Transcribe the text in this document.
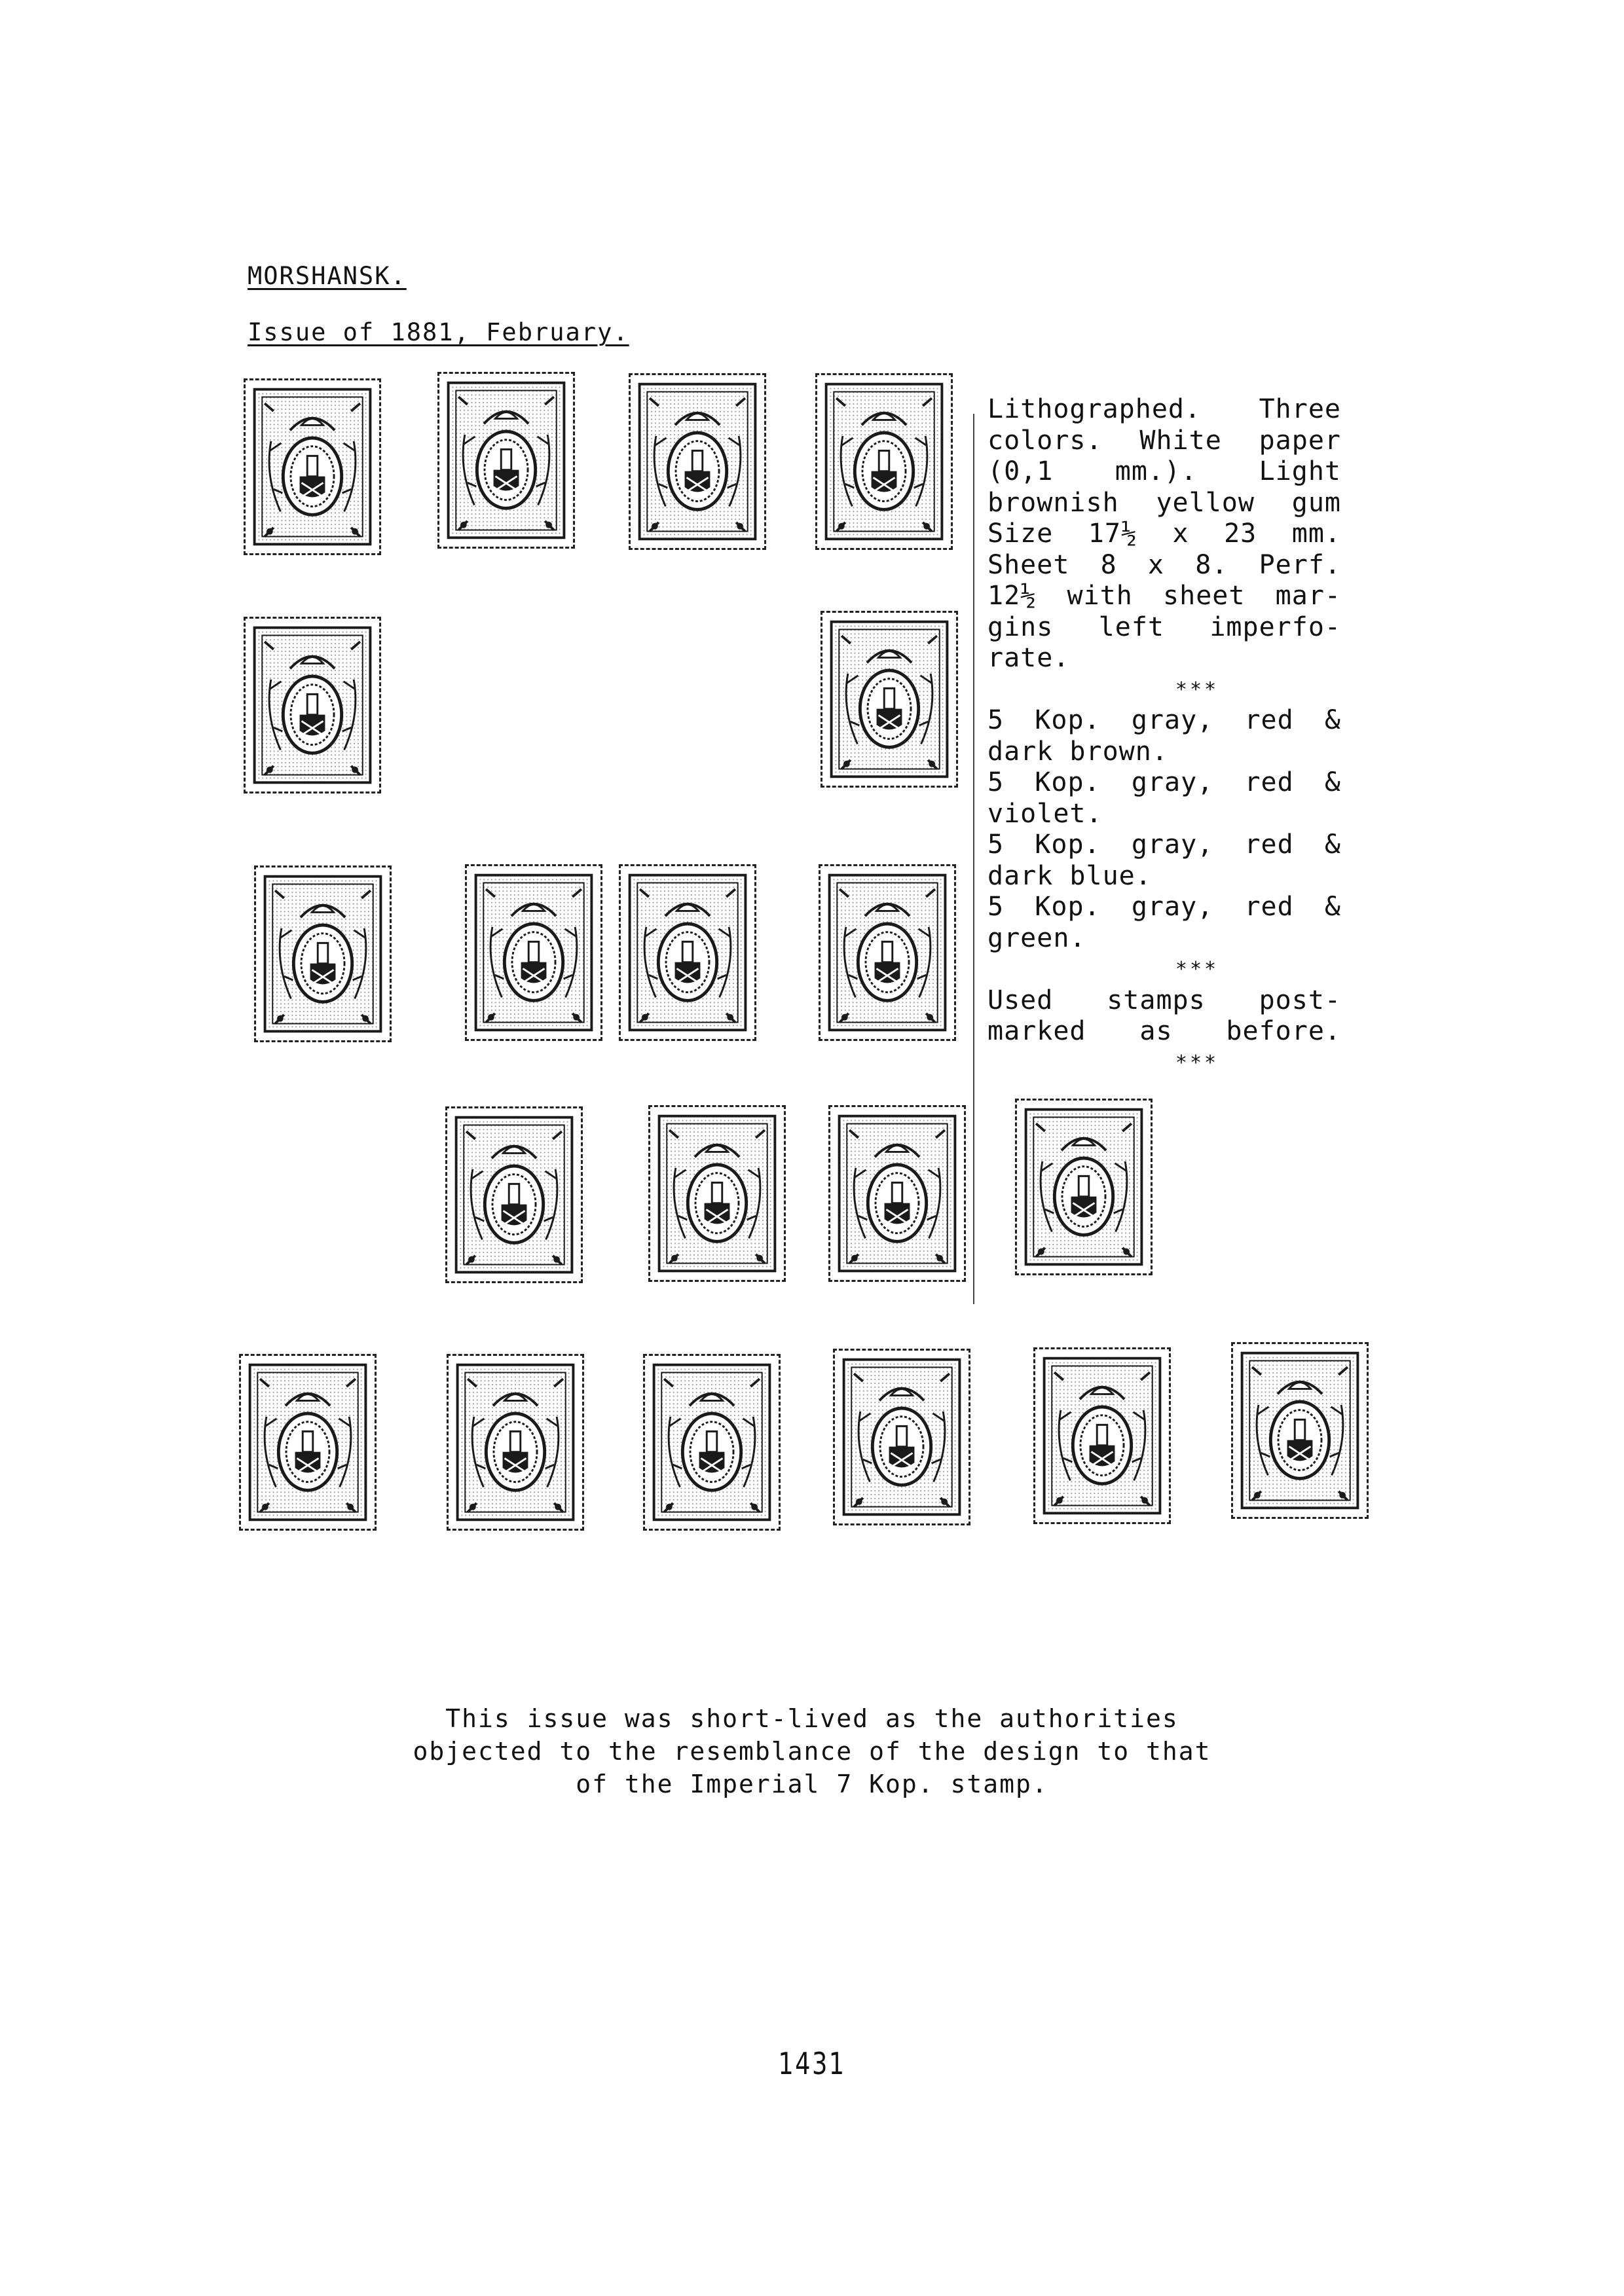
MORSHANSK.
Issue of 1881, February.
Lithographed. Three
colors. White paper
(0,1 mm.). Light
brownish yellow gum
Size 17½ x 23 mm.
Sheet 8 x 8. Perf.
12½ with sheet mar-
gins left imperfo-
rate.
***
5 Kop. gray, red &
dark brown.
5 Kop. gray, red &
violet.
5 Kop. gray, red &
dark blue.
5 Kop. gray, red &
green.
***
Used stamps post-
marked as before.
***
This issue was short-lived as the authorities
objected to the resemblance of the design to that
of the Imperial 7 Kop. stamp.
1431
